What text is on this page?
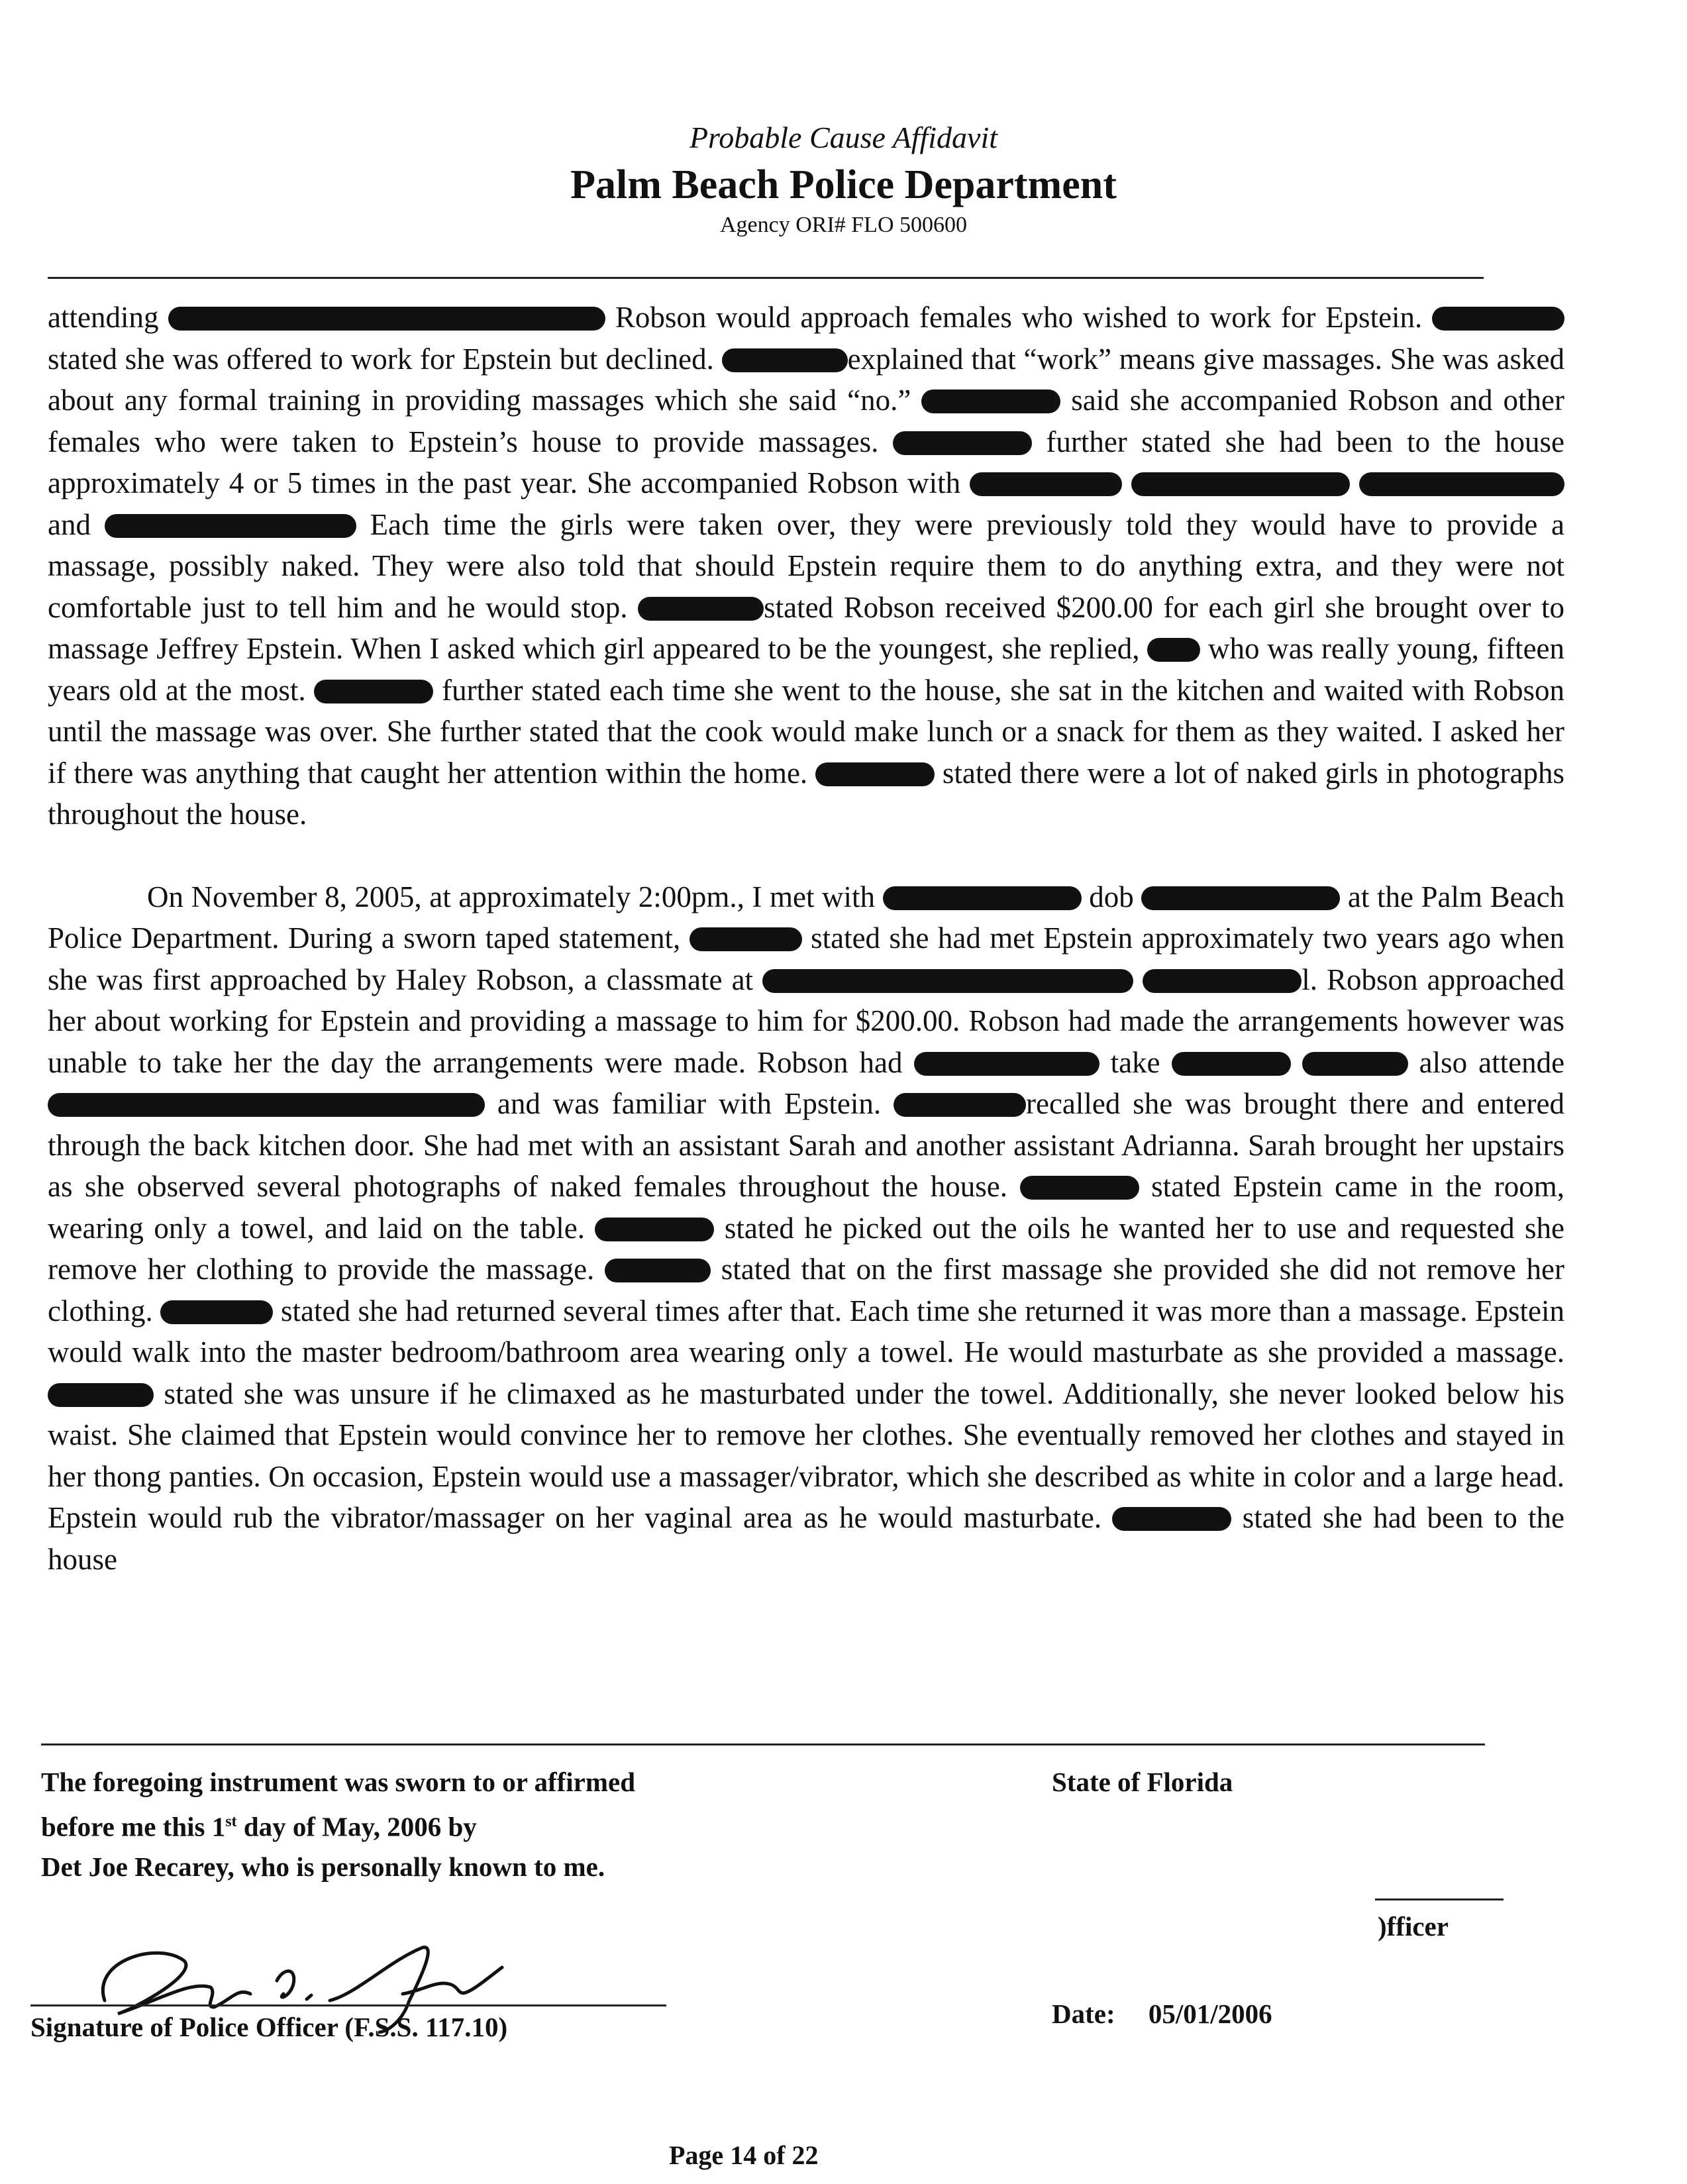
Probable Cause Affidavit
Palm Beach Police Department
Agency ORI# FLO 500600

attending	Robson would approach females who wished to work for Epstein. stated she was offered to work for Epstein but declined.	explained that “work” means give massages. She was asked about any formal training in providing massages which she said “no.”	said she accompanied Robson and other females who were taken to Epstein’s house to provide massages.	further stated she had been to the house approximately 4 or 5 times in the past year. She accompanied Robson with    and	Each time the girls were taken over, they were previously told they would have to provide a massage, possibly naked. They were also told that should Epstein require them to do anything extra, and they were not comfortable just to tell him and he would stop.	stated Robson received $200.00 for each girl she brought over to massage Jeffrey Epstein. When I asked which girl appeared to be the youngest, she replied, who was really young, fifteen years old at the most.	further stated each time she went to the house, she sat in the kitchen and waited with Robson until the massage was over. She further stated that the cook would make lunch or a snack for them as they waited. I asked her if there was anything that caught her attention within the home.	stated there were a lot of naked girls in photographs throughout the house.

On November 8, 2005, at approximately 2:00pm., I met with	dob	at the Palm Beach Police Department. During a sworn taped statement,	stated she had met Epstein approximately two years ago when she was first approached by Haley Robson, a classmate at	l. Robson approached her about working for Epstein and providing a massage to him for $200.00. Robson had made the arrangements however was unable to take her the day the arrangements were made. Robson had	take	also attende  and was familiar with Epstein.	recalled she was brought there and entered through the back kitchen door. She had met with an assistant Sarah and another assistant Adrianna. Sarah brought her upstairs as she observed several photographs of naked females throughout the house.	stated Epstein came in the room, wearing only a towel, and laid on the table.	stated he picked out the oils he wanted her to use and requested she remove her clothing to provide the massage.	stated that on the first massage she provided she did not remove her clothing.	stated she had returned several times after that. Each time she returned it was more than a massage. Epstein would walk into the master bedroom/bathroom area wearing only a towel. He would masturbate as she provided a massage.  stated she was unsure if he climaxed as he masturbated under the towel. Additionally, she never looked below his waist. She claimed that Epstein would convince her to remove her clothes. She eventually removed her clothes and stayed in her thong panties. On occasion, Epstein would use a massager/vibrator, which she described as white in color and a large head. Epstein would rub the vibrator/massager on her vaginal area as he would masturbate.	stated she had been to the house

The foregoing instrument was sworn to or affirmed
before me this 1st day of May, 2006 by
Det Joe Recarey, who is personally known to me.
State of Florida
)fficer
Signature of Police Officer (F.S.S. 117.10)	Date: 05/01/2006
Page 14 of 22
